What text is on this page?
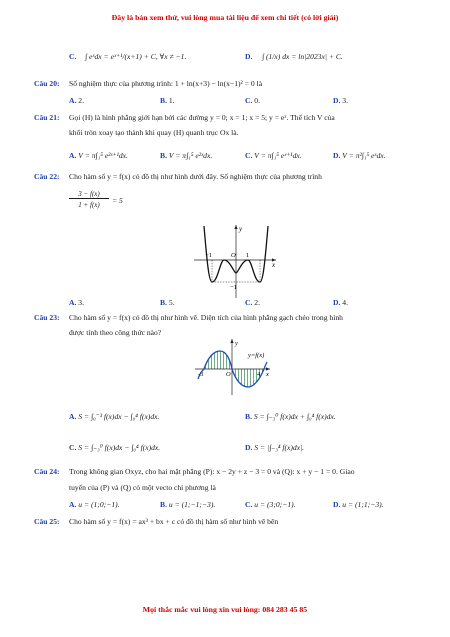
Đây là bản xem thử, vui lòng mua tài liệu để xem chi tiết (có lời giải)
Mọi thắc mắc vui lòng xin vui lòng: 084 283 45 85
C. ∫ eˣdx = eˣ⁺¹/(x+1) + C, ∀x ≠ −1.	D. ∫ (1/x) dx = ln|2023x| + C.
Câu 20: Số nghiệm thực của phương trình: 1 + ln(x+3) − ln(x−1)² = 0 là
A. 2.	B. 1.	C. 0.	D. 3.
Câu 21: Gọi (H) là hình phẳng giới hạn bởi các đường y = 0; x = 1; x = 5; y = eˣ. Thể tích V của
khối tròn xoay tạo thành khi quay (H) quanh trục Ox là.
A. V = π∫₁⁵ e²ˣ⁺¹dx.	B. V = π∫₁⁵ e²ˣdx.	C. V = π∫₁⁵ eˣ⁺¹dx.	D. V = π²∫₁⁵ eˣdx.
Câu 22: Cho hàm số y = f(x) có đồ thị như hình dưới đây. Số nghiệm thực của phương trình
3 − f(x)
1 + f(x)	= 5
y
x
−1	O 1
−1
A. 3.	B. 5.	C. 2.	D. 4.
Câu 23: Cho hàm số y = f(x) có đồ thị như hình vẽ. Diện tích của hình phẳng gạch chéo trong hình
được tính theo công thức nào?
y
x
y=f(x)
-3	O	4
A. S = ∫₀⁻³ f(x)dx − ∫₀⁴ f(x)dx.	B. S = ∫₋₃⁰ f(x)dx + ∫₀⁴ f(x)dx.
C. S = ∫₋₃⁰ f(x)dx − ∫₀⁴ f(x)dx.	D. S = |∫₋₃⁴ f(x)dx|.
Câu 24: Trong không gian Oxyz, cho hai mặt phẳng (P): x − 2y + z − 3 = 0 và (Q): x + y − 1 = 0. Giao
tuyến của (P) và (Q) có một vecto chỉ phương là
A. u = (1;0;−1).	B. u = (1;−1;−3).	C. u = (3;0;−1).	D. u = (1;1;−3).
Câu 25: Cho hàm số y = f(x) = ax³ + bx + c có đồ thị hàm số như hình vẽ bên
